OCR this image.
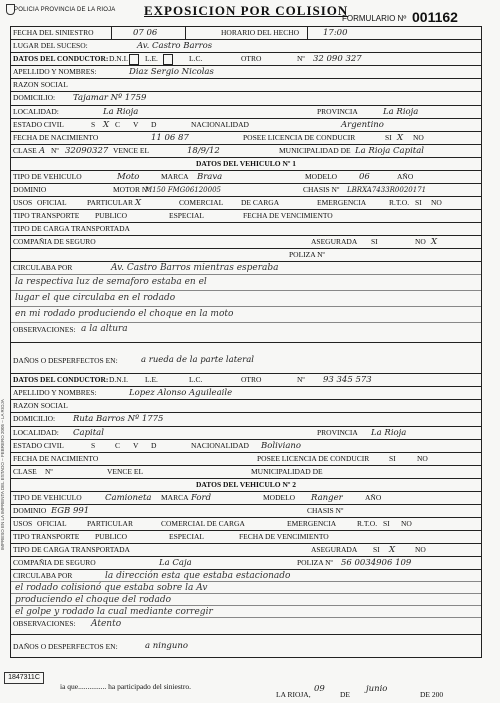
POLICIA PROVINCIA DE LA RIOJA EXPOSICION POR COLISION
FORMULARIO Nº 001162
IMPRESO EN LA IMPRENTA DEL ESTADO – FEBRERO 2005 – LA RIOJA
FECHA DEL SINIESTRO	07 06	HORARIO DEL HECHO	17:00
LUGAR DEL SUCESO:	Av. Castro Barros
DATOS DEL CONDUCTOR: D.N.I. L.E.	L.C.	OTRO	Nº 32 090 327
APELLIDO Y NOMBRES:	Diaz Sergio Nicolas
RAZON SOCIAL
DOMICILIO: Tajamar Nº 1759
LOCALIDAD:	La Rioja	PROVINCIA	La Rioja
ESTADO CIVIL	S X C V D	NACIONALIDAD	Argentino
FECHA DE NACIMIENTO	11 06 87	POSEE LICENCIA DE CONDUCIR	SI X NO
CLASE A Nº 32090327 VENCE EL	18/9/12	MUNICIPALIDAD DE La Rioja Capital
DATOS DEL VEHICULO Nº 1
TIPO DE VEHICULO	Moto	MARCA Brava	MODELO	06	AÑO
DOMINIO	MOTOR Nº
M150 FMG06120005	CHASIS Nº LBRXA7433R0020171
USOS OFICIAL	PARTICULAR X	COMERCIAL DE CARGA	EMERGENCIA	R.T.O. SI NO
TIPO TRANSPORTE PUBLICO	ESPECIAL	FECHA DE VENCIMIENTO
TIPO DE CARGA TRANSPORTADA
COMPAÑIA DE SEGURO	ASEGURADA SI	NO X
POLIZA Nº
CIRCULABA POR	Av. Castro Barros mientras esperaba
la respectiva luz de semaforo estaba en el
lugar el que circulaba en el rodado
en mi rodado produciendo el choque en la moto
OBSERVACIONES: a la altura
DAÑOS O DESPERFECTOS EN:	a rueda de la parte lateral
DATOS DEL CONDUCTOR: D.N.I. L.E.	L.C.	OTRO	Nº 93 345 573
APELLIDO Y NOMBRES:	Lopez Alonso Aguileaile
RAZON SOCIAL
DOMICILIO: Ruta Barros Nº 1775
LOCALIDAD: Capital	PROVINCIA La Rioja
ESTADO CIVIL	S	C V D	NACIONALIDAD Boliviano
FECHA DE NACIMIENTO	POSEE LICENCIA DE CONDUCIR	SI	NO
CLASE Nº	VENCE EL	MUNICIPALIDAD DE
DATOS DEL VEHICULO Nº 2
TIPO DE VEHICULO	Camioneta MARCA Ford	MODELO Ranger	AÑO
DOMINIO EGB 991	CHASIS Nº
USOS OFICIAL	PARTICULAR	COMERCIAL DE CARGA	EMERGENCIA	R.T.O. SI NO
TIPO TRANSPORTE PUBLICO	ESPECIAL	FECHA DE VENCIMIENTO
TIPO DE CARGA TRANSPORTADA	ASEGURADA SI X	NO
COMPAÑIA DE SEGURO	La Caja	POLIZA Nº 56 0034906 109
CIRCULABA POR	la dirección esta que estaba estacionado
el rodado colisionó que estaba sobre la Av
produciendo el choque del rodado
el golpe y rodado la cual mediante corregir
OBSERVACIONES: Atento
DAÑOS O DESPERFECTOS EN:	a ninguno
1847311C
ia que............... ha participado del siniestro.
LA RIOJA,
09
DE
junio
DE 200
